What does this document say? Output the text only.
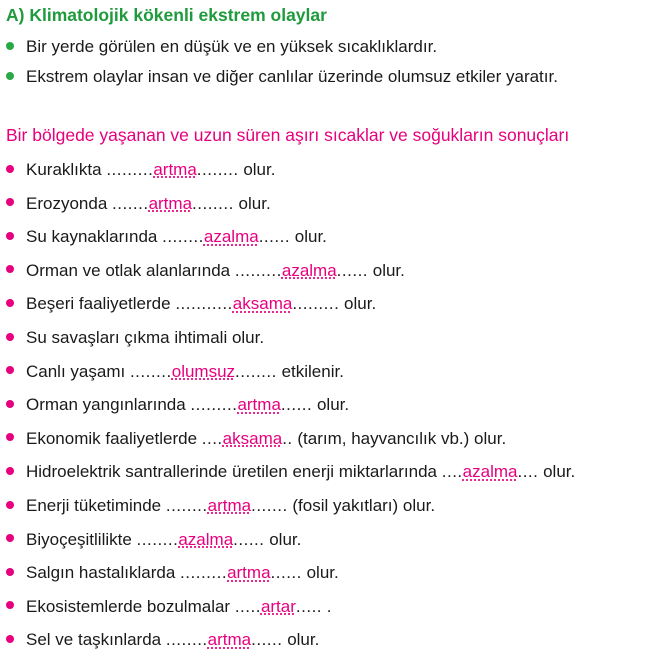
A) Klimatolojik kökenli ekstrem olaylar
Bir yerde görülen en düşük ve en yüksek sıcaklıklardır.
Ekstrem olaylar insan ve diğer canlılar üzerinde olumsuz etkiler yaratır.
Bir bölgede yaşanan ve uzun süren aşırı sıcaklar ve soğukların sonuçları
Kuraklıkta .........artma........ olur.
Erozyonda .......artma........ olur.
Su kaynaklarında ........azalma...... olur.
Orman ve otlak alanlarında .........azalma...... olur.
Beşeri faaliyetlerde ...........aksama......... olur.
Su savaşları çıkma ihtimali olur.
Canlı yaşamı ........olumsuz........ etkilenir.
Orman yangınlarında .........artma...... olur.
Ekonomik faaliyetlerde ....aksama.. (tarım, hayvancılık vb.) olur.
Hidroelektrik santrallerinde üretilen enerji miktarlarında ....azalma.... olur.
Enerji tüketiminde ........artma....... (fosil yakıtları) olur.
Biyoçeşitlilikte ........azalma...... olur.
Salgın hastalıklarda .........artma...... olur.
Ekosistemlerde bozulmalar .....artar..... .
Sel ve taşkınlarda ........artma...... olur.
